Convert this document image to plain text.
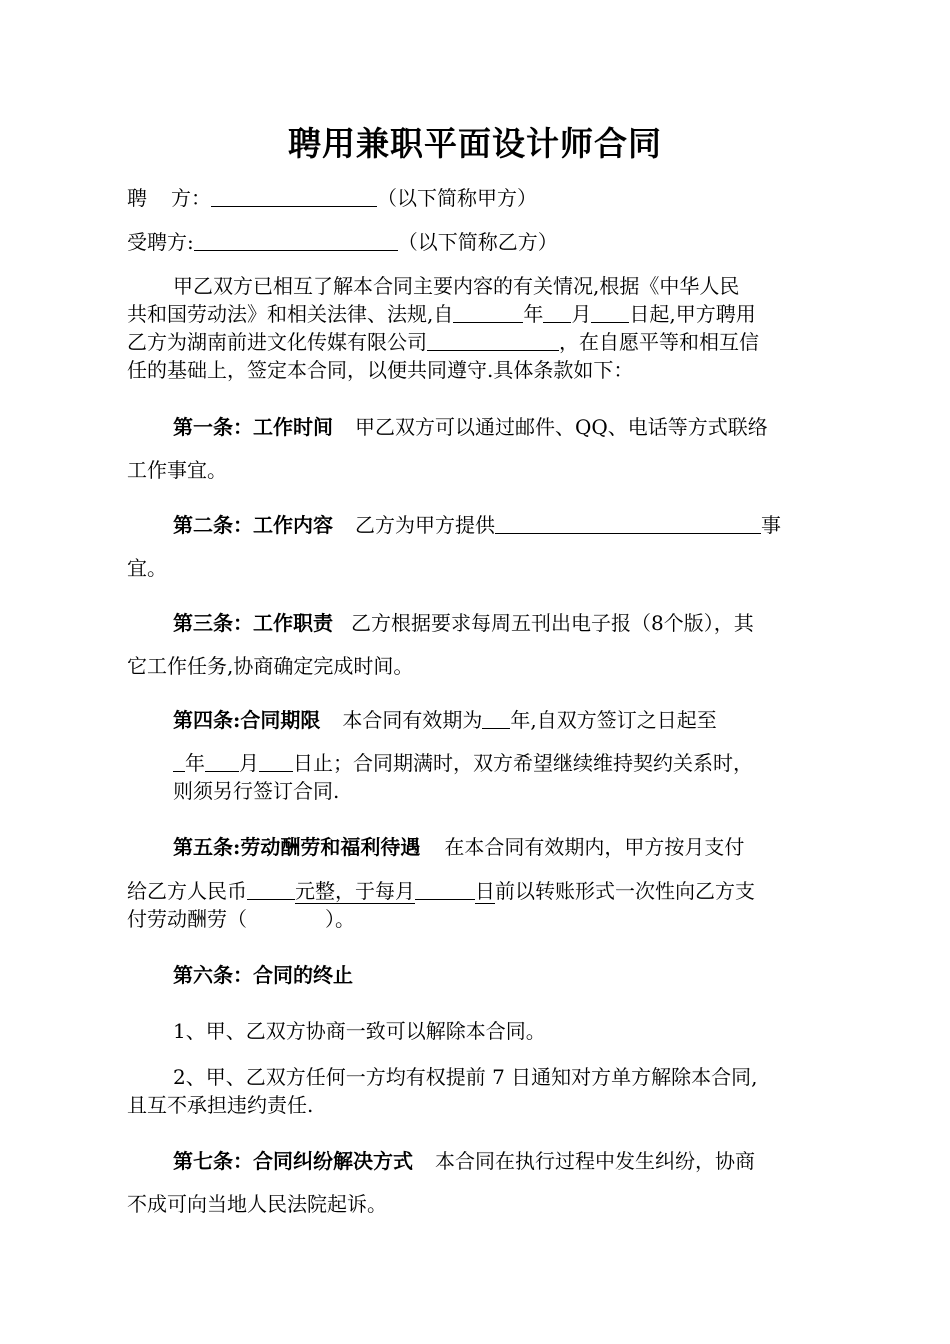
聘用兼职平面设计师合同
聘 方：	（以下简称甲方）
受聘方:	（以下简称乙方）
甲乙双方已相互了解本合同主要内容的有关情况,根据《中华人民
共和国劳动法》和相关法律、法规,自	年 月 日起,甲方聘用
乙方为湖南前进文化传媒有限公司	，在自愿平等和相互信
任的基础上，签定本合同，以便共同遵守.具体条款如下：
第一条：工作时间 甲乙双方可以通过邮件、QQ、电话等方式联络
工作事宜。
第二条：工作内容 乙方为甲方提供	事
宜。
第三条：工作职责 乙方根据要求每周五刊出电子报（8个版），其
它工作任务,协商确定完成时间。
第四条:合同期限 本合同有效期为 年,自双方签订之日起至
年 月 日止；合同期满时，双方希望继续维持契约关系时，
则须另行签订合同.
第五条:劳动酬劳和福利待遇 在本合同有效期内，甲方按月支付
给乙方人民币 元整，于每月	日前以转账形式一次性向乙方支
付劳动酬劳（	）。
第六条：合同的终止
1、甲、乙双方协商一致可以解除本合同。
2、甲、乙双方任何一方均有权提前 7 日通知对方单方解除本合同,
且互不承担违约责任.
第七条：合同纠纷解决方式 本合同在执行过程中发生纠纷，协商
不成可向当地人民法院起诉。
